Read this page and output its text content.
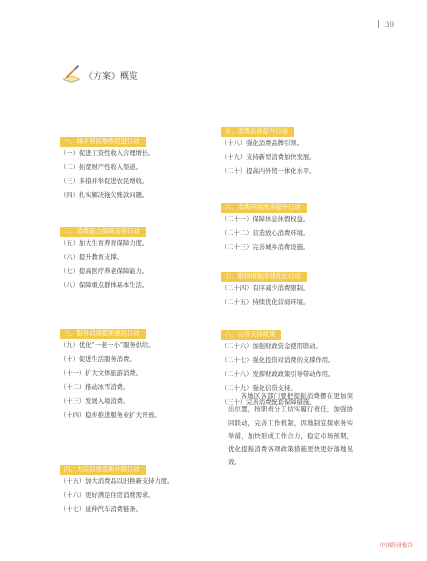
39
《方案》概览
一、城乡居民增收促进行动
（一）促进工资性收入合理增长。
（二）拓宽财产性收入渠道。
（三）多措并举促进农民增收。
（四）扎实解决拖欠账款问题。
二、消费能力保障支持行动
（五）加大生育养育保障力度。
（六）提升教育支撑。
（七）提高医疗养老保障能力。
（八）保障重点群体基本生活。
三、服务消费提质惠民行动
（九）优化“一老一小”服务供给。
（十）促进生活服务消费。
（十一）扩大文体旅游消费。
（十二）推动冰雪消费。
（十三）发展入境消费。
（十四）稳步推进服务业扩大开放。
四、大宗消费更新升级行动
（十五）加大消费品以旧换新支持力度。
（十六）更好满足住房消费需求。
（十七）延伸汽车消费链条。
五、消费品质提升行动
（十八）强化消费品牌引领。
（十九）支持新型消费加快发展。
（二十）提高内外贸一体化水平。
六、消费环境改善提升行动
（二十一）保障休息休假权益。
（二十二）营造放心消费环境。
（二十三）完善城乡消费设施。
七、限制措施清理优化行动
（二十四）有序减少消费限制。
（二十五）持续优化营商环境。
八、完善支持政策
（二十六）加强财政资金使用联动。
（二十七）强化投资对消费的支撑作用。
（二十八）发挥财政政策引导带动作用。
（二十九）强化信贷支持。
（三十）完善消费配套保障措施。
各地区各部门要把提振消费摆在更加突出位置，按职责分工切实履行责任，加强协同联动，完善工作机制，因地制宜探索务实举措，加快形成工作合力，稳定市场预期，优化提振消费各项政策措施更快更好落地见效。
中国经济报告
